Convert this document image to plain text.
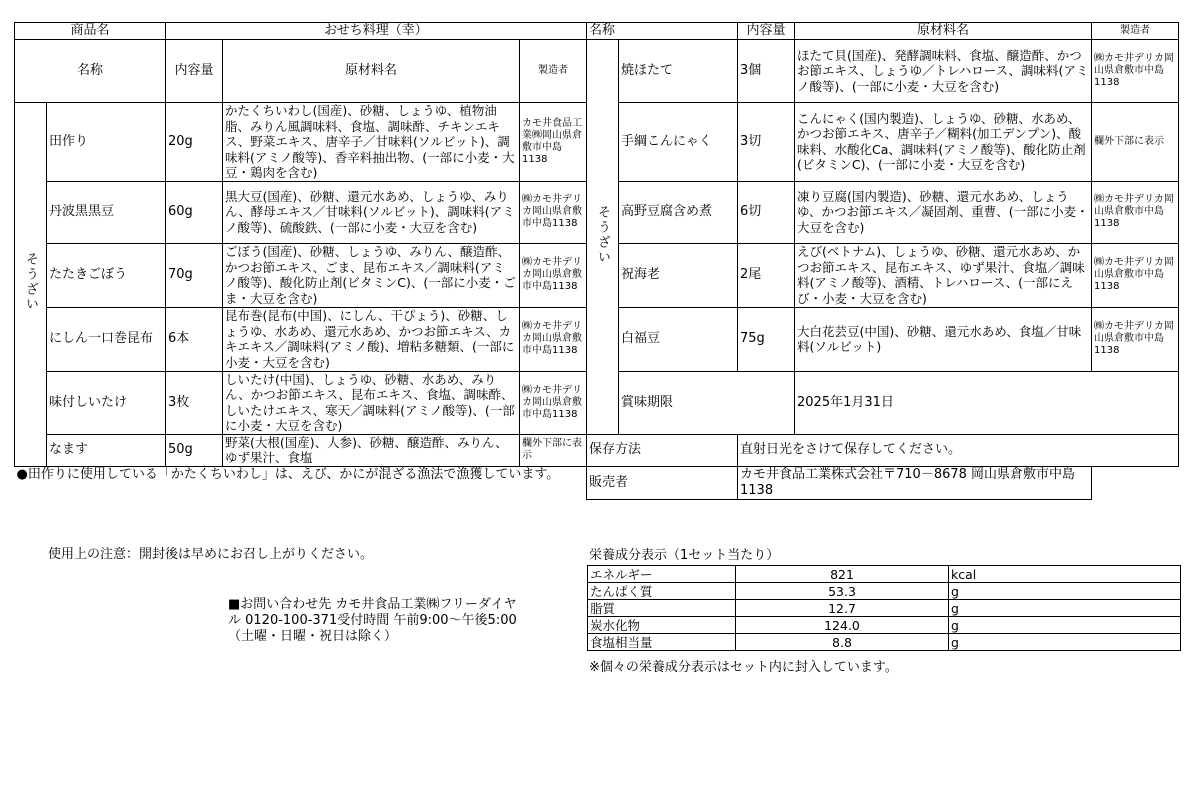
商品名		おせち料理（幸）			名称		内容量	原材料名	製造者
名称		内容量	原材料名	製造者	そうざい	焼ほたて	3個	ほたて貝(国産)、発酵調味料、食塩、醸造酢、かつお節エキス、しょうゆ／トレハロース、調味料(アミノ酸等)、(一部に小麦・大豆を含む)	㈱カモ井デリカ岡山県倉敷市中島1138
そうざい	田作り	20g	かたくちいわし(国産)、砂糖、しょうゆ、植物油脂、みりん風調味料、食塩、調味酢、チキンエキス、野菜エキス、唐辛子／甘味料(ソルビット)、調味料(アミノ酸等)、香辛料抽出物、(一部に小麦・大豆・鶏肉を含む)	カモ井食品工業㈱岡山県倉敷市中島1138		手綱こんにゃく	3切	こんにゃく(国内製造)、しょうゆ、砂糖、水あめ、かつお節エキス、唐辛子／糊料(加工デンプン)、酸味料、水酸化Ca、調味料(アミノ酸等)、酸化防止剤(ビタミンC)、(一部に小麦・大豆を含む)	欄外下部に表示
	丹波黒黒豆	60g	黒大豆(国産)、砂糖、還元水あめ、しょうゆ、みりん、酵母エキス／甘味料(ソルビット)、調味料(アミノ酸等)、硫酸鉄、(一部に小麦・大豆を含む)	㈱カモ井デリカ岡山県倉敷市中島1138		高野豆腐含め煮	6切	凍り豆腐(国内製造)、砂糖、還元水あめ、しょうゆ、かつお節エキス／凝固剤、重曹、(一部に小麦・大豆を含む)	㈱カモ井デリカ岡山県倉敷市中島1138
	たたきごぼう	70g	ごぼう(国産)、砂糖、しょうゆ、みりん、醸造酢、かつお節エキス、ごま、昆布エキス／調味料(アミノ酸等)、酸化防止剤(ビタミンC)、(一部に小麦・ごま・大豆を含む)	㈱カモ井デリカ岡山県倉敷市中島1138		祝海老	2尾	えび(ベトナム)、しょうゆ、砂糖、還元水あめ、かつお節エキス、昆布エキス、ゆず果汁、食塩／調味料(アミノ酸等)、酒精、トレハロース、(一部にえび・小麦・大豆を含む)	㈱カモ井デリカ岡山県倉敷市中島1138
	にしん一口巻昆布	6本	昆布巻(昆布(中国)、にしん、干ぴょう)、砂糖、しょうゆ、水あめ、還元水あめ、かつお節エキス、カキエキス／調味料(アミノ酸)、増粘多糖類、(一部に小麦・大豆を含む)	㈱カモ井デリカ岡山県倉敷市中島1138		白福豆	75g	大白花芸豆(中国)、砂糖、還元水あめ、食塩／甘味料(ソルビット)	㈱カモ井デリカ岡山県倉敷市中島1138
	味付しいたけ	3枚	しいたけ(中国)、しょうゆ、砂糖、水あめ、みりん、かつお節エキス、昆布エキス、食塩、調味酢、しいたけエキス、寒天／調味料(アミノ酸等)、(一部に小麦・大豆を含む)	㈱カモ井デリカ岡山県倉敷市中島1138		賞味期限		2025年1月31日	
	なます	50g	野菜(大根(国産)、人参)、砂糖、醸造酢、みりん、ゆず果汁、食塩	欄外下部に表示	保存方法		直射日光をさけて保存してください。		
●田作りに使用している「かたくちいわし」は、えび、かにが混ざる漁法で漁獲しています。					販売者		カモ井食品工業株式会社〒710－8678 岡山県倉敷市中島1138		
使用上の注意：開封後は早めにお召し上がりください。
■お問い合わせ先 カモ井食品工業㈱フリーダイヤル 0120-100-371受付時間 午前9:00～午後5:00（土曜・日曜・祝日は除く）
栄養成分表示（1セット当たり）
エネルギー	821	kcal
たんぱく質	53.3	g
脂質	12.7	g
炭水化物	124.0	g
食塩相当量	8.8	g
※個々の栄養成分表示はセット内に封入しています。
